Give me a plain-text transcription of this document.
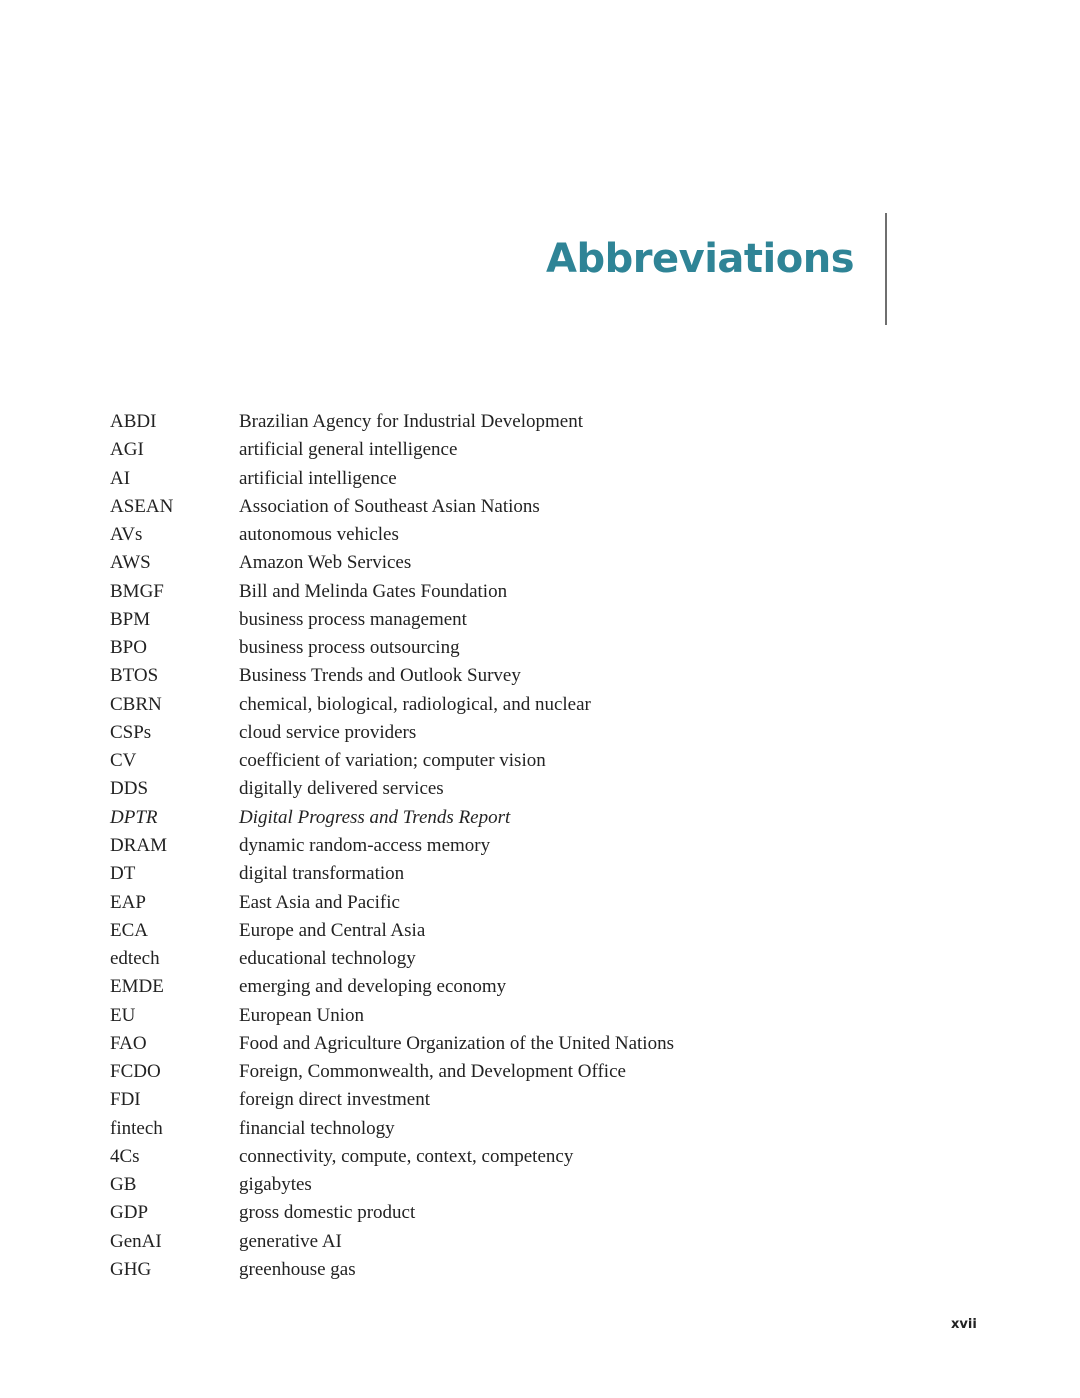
Abbreviations
ABDI	Brazilian Agency for Industrial Development
AGI	artificial general intelligence
AI	artificial intelligence
ASEAN	Association of Southeast Asian Nations
AVs	autonomous vehicles
AWS	Amazon Web Services
BMGF	Bill and Melinda Gates Foundation
BPM	business process management
BPO	business process outsourcing
BTOS	Business Trends and Outlook Survey
CBRN	chemical, biological, radiological, and nuclear
CSPs	cloud service providers
CV	coefficient of variation; computer vision
DDS	digitally delivered services
DPTR	Digital Progress and Trends Report
DRAM	dynamic random-access memory
DT	digital transformation
EAP	East Asia and Pacific
ECA	Europe and Central Asia
edtech	educational technology
EMDE	emerging and developing economy
EU	European Union
FAO	Food and Agriculture Organization of the United Nations
FCDO	Foreign, Commonwealth, and Development Office
FDI	foreign direct investment
fintech	financial technology
4Cs	connectivity, compute, context, competency
GB	gigabytes
GDP	gross domestic product
GenAI	generative AI
GHG	greenhouse gas
xvii
